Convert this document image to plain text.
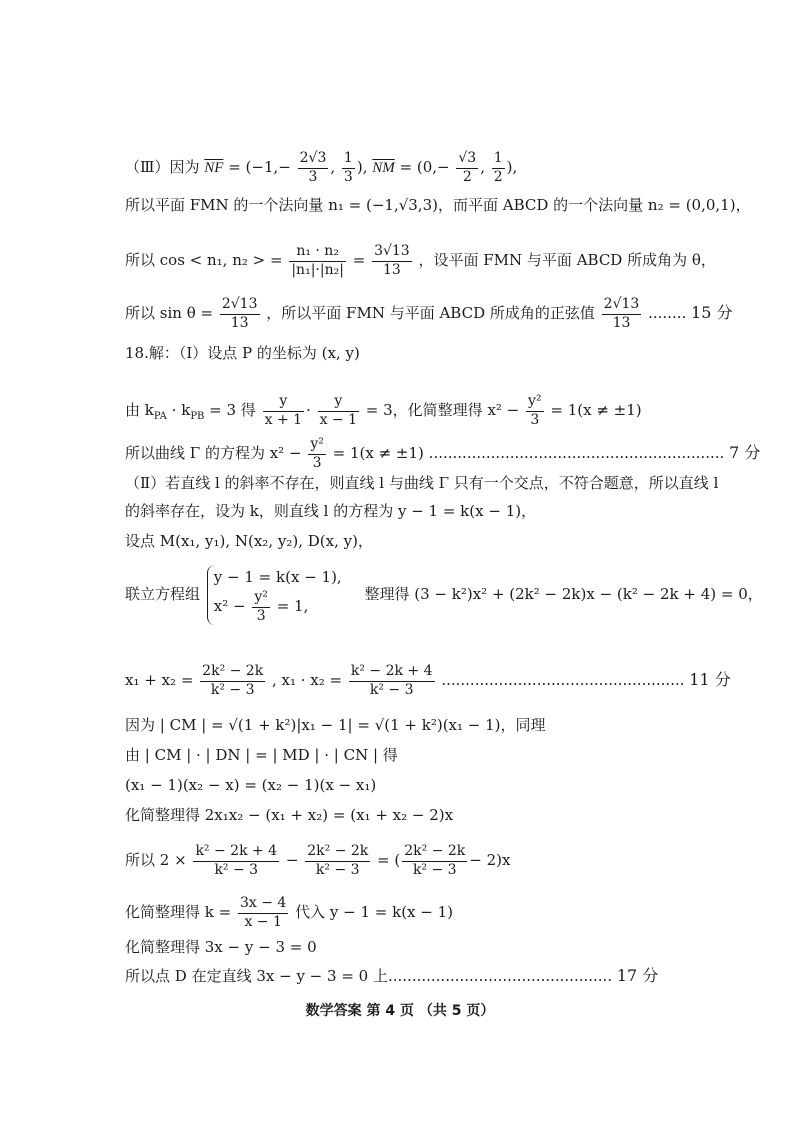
（Ⅲ）因为 $\overline{NF} = (-1,- \frac{2√3}{3}$ , $\frac{1}{3}$ ), $\overline{NM} = (0,- \frac{√3}{2}$ , $\frac{1}{2}$ ),
所以平面 FMN 的一个法向量 n₁ = (−1,√3,3)，而平面 ABCD 的一个法向量 n₂ = (0,0,1)，
所以 cos < n₁, n₂ > = $\frac{\text{n₁ · n₂}}{\text{|n₁|·|n₂|}} = \frac{3√13}{13}$ ，设平面 FMN 与平面 ABCD 所成角为 θ，
所以 $\sin \theta = \frac{2√13}{13}$ ，所以平面 FMN 与平面 ABCD 所成角的正弦值 $\frac{2√13}{13}$ ........ 15 分
18.解：（Ⅰ）设点 P 的坐标为 (x, y)
由 $k_{PA} \cdot k_{PB} = 3$ 得 $\frac{y}{x + 1} \cdot \frac{y}{x - 1} = 3$，化简整理得 $x^2 - \frac{\text{y²}}{3} = 1(x \ne \pm 1)$
所以曲线 Γ 的方程为 $x^2 - \frac{\text{y²}}{3} = 1(x \ne \pm 1)$ .............................................................. 7 分
（Ⅱ）若直线 l 的斜率不存在，则直线 l 与曲线 Γ 只有一个交点，不符合题意，所以直线 l
的斜率存在，设为 k，则直线 l 的方程为 y − 1 = k(x − 1)，
设点 M(x₁, y₁), N(x₂, y₂), D(x, y)，
联立方程组
y − 1 = k(x − 1),
$x^2 - \frac{\text{y²}}{3} = 1$,
整理得 (3 − k²)x² + (2k² − 2k)x − (k² − 2k + 4) = 0，
$x_1 + x_2 = \frac{\text{2k² − 2k}}{\text{k² − 3}}$ , $x_1 \cdot x_2 = \frac{\text{k² − 2k + 4}}{\text{k² − 3}}$ ................................................... 11 分
因为 | CM | = √(1 + k²)|x₁ − 1| = √(1 + k²)(x₁ − 1)，同理
由 | CM | · | DN | = | MD | · | CN | 得
(x₁ − 1)(x₂ − x) = (x₂ − 1)(x − x₁)
化简整理得 2x₁x₂ − (x₁ + x₂) = (x₁ + x₂ − 2)x
所以 $2 \times \frac{\text{k² − 2k + 4}}{\text{k² − 3}} - \frac{\text{2k² − 2k}}{\text{k² − 3}}$ = ( $\frac{\text{2k² − 2k}}{\text{k² − 3}} - 2)x$
化简整理得 $k = \frac{3x - 4}{x - 1}$ 代入 y − 1 = k(x − 1)
化简整理得 3x − y − 3 = 0
所以点 D 在定直线 3x − y − 3 = 0 上............................................... 17 分
数学答案 第 4 页 （共 5 页）
